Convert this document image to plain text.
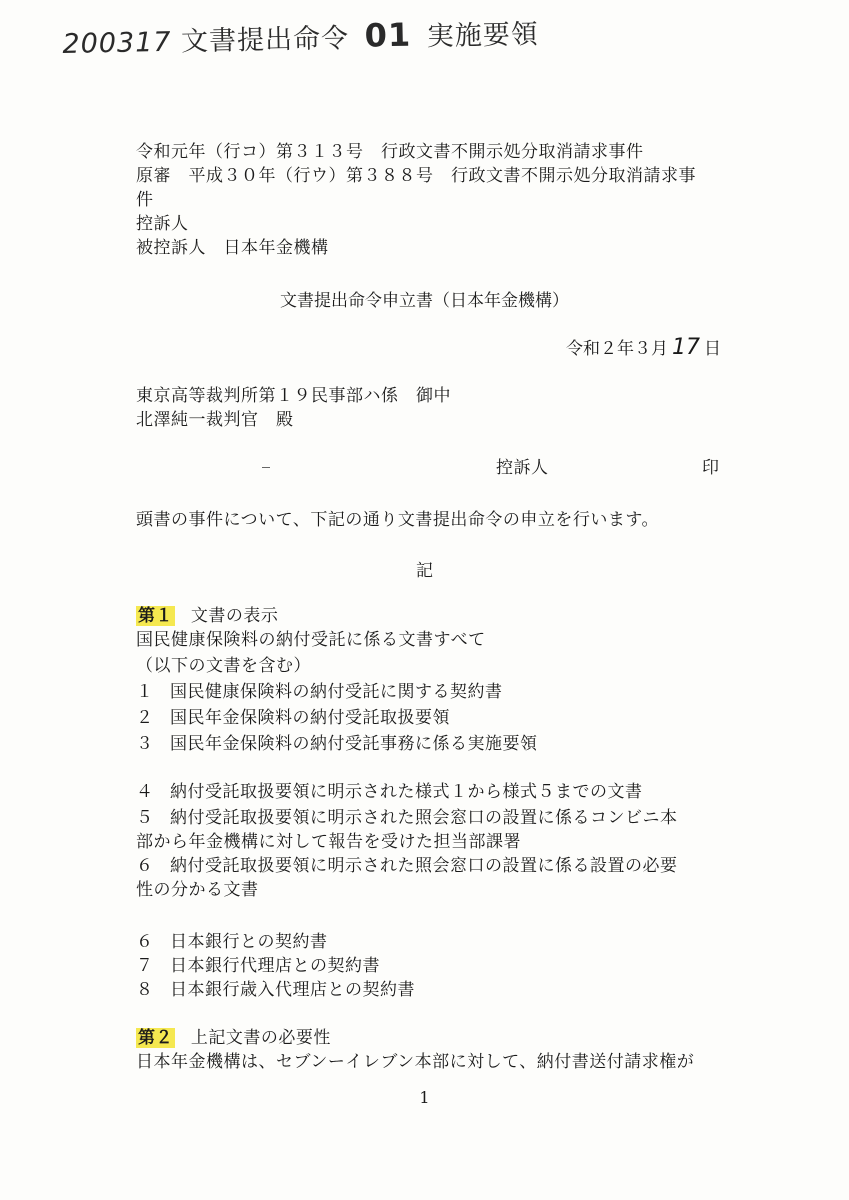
200317 文書提出命令 01 実施要領
令和元年（行コ）第３１３号　行政文書不開示処分取消請求事件
原審　平成３０年（行ウ）第３８８号　行政文書不開示処分取消請求事
件
控訴人
被控訴人　日本年金機構
文書提出命令申立書（日本年金機構）
令和２年３月 17 日
東京高等裁判所第１９民事部ハ係　御中
北澤純一裁判官　殿
控訴人	印
頭書の事件について、下記の通り文書提出命令の申立を行います。
記
第１ 文書の表示
国民健康保険料の納付受託に係る文書すべて
（以下の文書を含む）
１ 国民健康保険料の納付受託に関する契約書
２ 国民年金保険料の納付受託取扱要領
３ 国民年金保険料の納付受託事務に係る実施要領
４ 納付受託取扱要領に明示された様式１から様式５までの文書
５ 納付受託取扱要領に明示された照会窓口の設置に係るコンビニ本
部から年金機構に対して報告を受けた担当部課署
６ 納付受託取扱要領に明示された照会窓口の設置に係る設置の必要
性の分かる文書
６ 日本銀行との契約書
７ 日本銀行代理店との契約書
８ 日本銀行歳入代理店との契約書
第２ 上記文書の必要性
日本年金機構は、セブンーイレブン本部に対して、納付書送付請求権が
1
